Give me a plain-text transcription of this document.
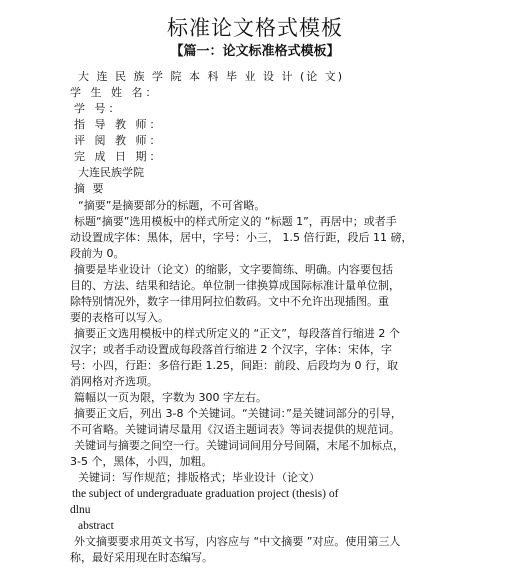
标准论文格式模板
【篇一：论文标准格式模板】
大 连 民 族 学 院 本 科 毕 业 设 计 (论 文)
学 生 姓 名：
学 号：
指 导 教 师：
评 阅 教 师：
完 成 日 期：
大连民族学院
摘 要
“摘要”是摘要部分的标题，不可省略。
标题“摘要”选用模板中的样式所定义的 “标题 1”，再居中；或者手
动设置成字体：黑体，居中，字号：小三， 1.5 倍行距，段后 11 磅，
段前为 0。
摘要是毕业设计（论文）的缩影，文字要简练、明确。内容要包括
目的、方法、结果和结论。单位制一律换算成国际标准计量单位制，
除特别情况外，数字一律用阿拉伯数码。文中不允许出现插图。重
要的表格可以写入。
摘要正文选用模板中的样式所定义的 “正文”，每段落首行缩进 2 个
汉字；或者手动设置成每段落首行缩进 2 个汉字，字体：宋体，字
号：小四，行距：多倍行距 1.25，间距：前段、后段均为 0 行，取
消网格对齐选项。
篇幅以一页为限，字数为 300 字左右。
摘要正文后，列出 3-8 个关键词。“关键词：”是关键词部分的引导，
不可省略。关键词请尽量用《汉语主题词表》等词表提供的规范词。
关键词与摘要之间空一行。关键词词间用分号间隔，末尾不加标点，
3-5 个，黑体，小四，加粗。
关键词：写作规范；排版格式；毕业设计（论文）
the subject of undergraduate graduation project (thesis) of
dlnu
abstract
外文摘要要求用英文书写，内容应与 “中文摘要 ”对应。使用第三人
称，最好采用现在时态编写。
